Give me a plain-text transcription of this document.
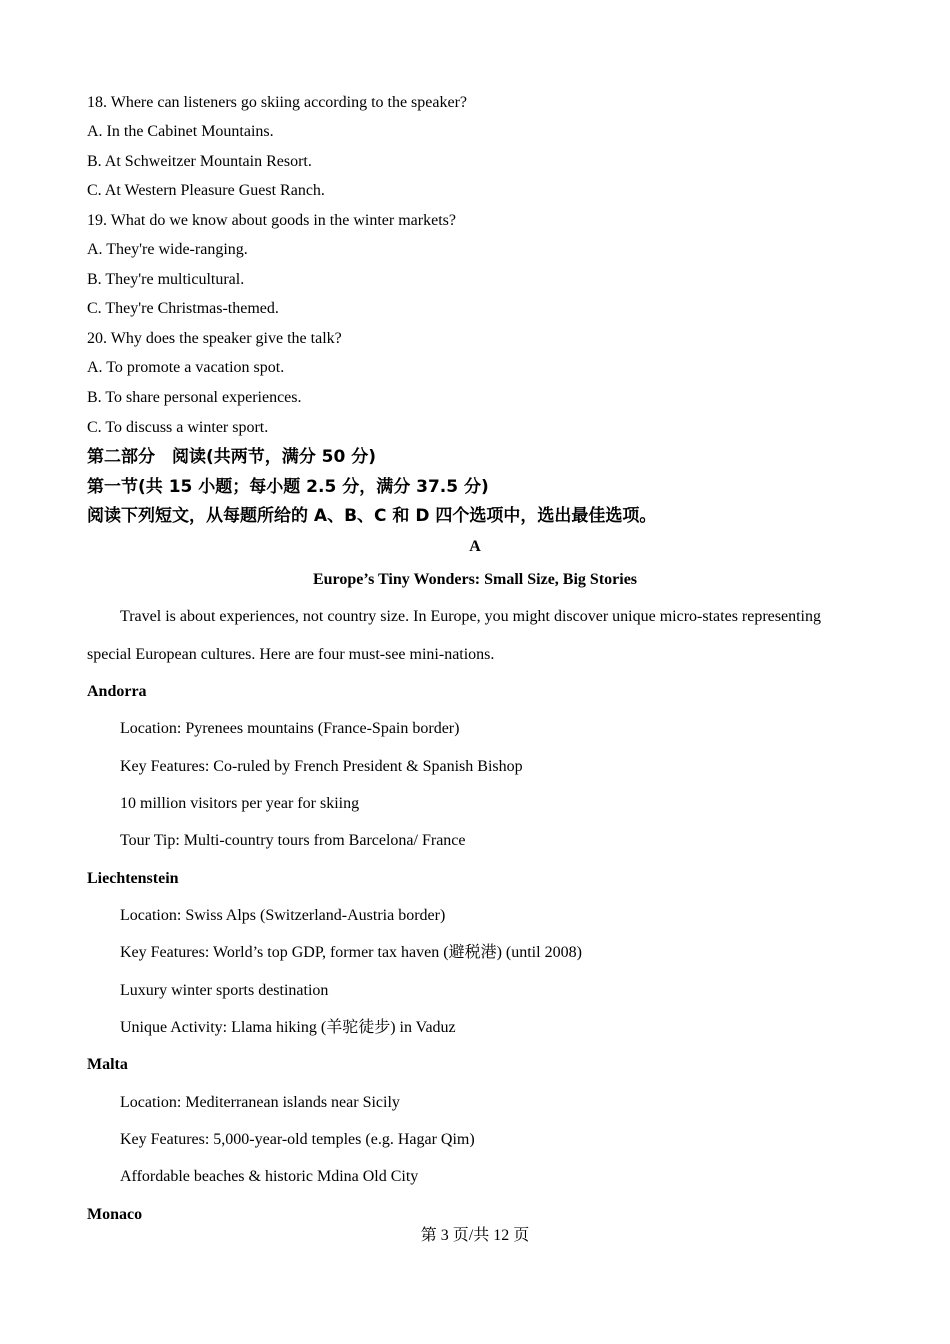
18. Where can listeners go skiing according to the speaker?
A. In the Cabinet Mountains.
B. At Schweitzer Mountain Resort.
C. At Western Pleasure Guest Ranch.
19. What do we know about goods in the winter markets?
A. They're wide-ranging.
B. They're multicultural.
C. They're Christmas-themed.
20. Why does the speaker give the talk?
A. To promote a vacation spot.
B. To share personal experiences.
C. To discuss a winter sport.
第二部分　阅读(共两节，满分 50 分)
第一节(共 15 小题；每小题 2.5 分，满分 37.5 分)
阅读下列短文，从每题所给的 A、B、C 和 D 四个选项中，选出最佳选项。
A
Europe’s Tiny Wonders: Small Size, Big Stories
Travel is about experiences, not country size. In Europe, you might discover unique micro-states representing
special European cultures. Here are four must-see mini-nations.
Andorra
Location: Pyrenees mountains (France-Spain border)
Key Features: Co-ruled by French President & Spanish Bishop
10 million visitors per year for skiing
Tour Tip: Multi-country tours from Barcelona/ France
Liechtenstein
Location: Swiss Alps (Switzerland-Austria border)
Key Features: World’s top GDP, former tax haven (避税港) (until 2008)
Luxury winter sports destination
Unique Activity: Llama hiking (羊驼徒步) in Vaduz
Malta
Location: Mediterranean islands near Sicily
Key Features: 5,000-year-old temples (e.g. Hagar Qim)
Affordable beaches & historic Mdina Old City
Monaco
第 3 页/共 12 页
